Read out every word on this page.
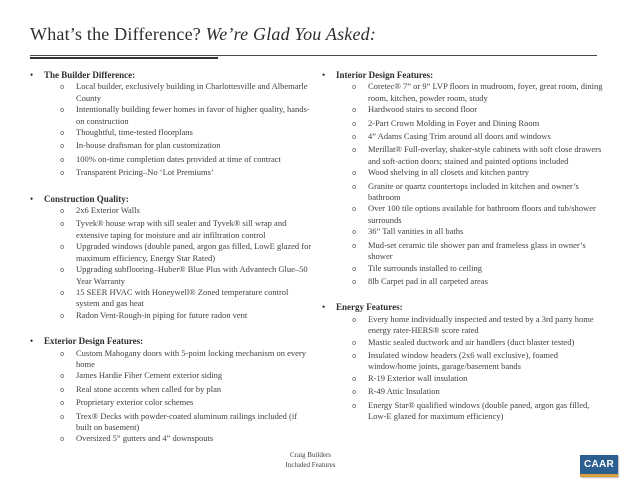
What’s the Difference? We’re Glad You Asked:
•	The Builder Difference:
o	Local builder, exclusively building in Charlottesville and Albemarle County
o	Intentionally building fewer homes in favor of higher quality, hands-on construction
o	Thoughtful, time-tested floorplans
o	In-house draftsman for plan customization
o	100% on-time completion dates provided at time of contract
o	Transparent Pricing–No ‘Lot Premiums’
•	Construction Quality:
o	2x6 Exterior Walls
o	Tyvek® house wrap with sill sealer and Tyvek® sill wrap and extensive taping for moisture and air infiltration control
o	Upgraded windows (double paned, argon gas filled, LowE glazed for maximum efficiency, Energy Star Rated)
o	Upgrading subflooring–Huber® Blue Plus with Advantech Glue–50 Year Warranty
o	15 SEER HVAC with Honeywell® Zoned temperature control system and gas heat
o	Radon Vent-Rough-in piping for future radon vent
•	Exterior Design Features:
o	Custom Mahogany doors with 5-point locking mechanism on every home
o	James Hardie Fiber Cement exterior siding
o	Real stone accents when called for by plan
o	Proprietary exterior color schemes
o	Trex® Decks with powder-coated aluminum railings included (if built on basement)
o	Oversized 5” gutters and 4” downspouts
•	Interior Design Features:
o	Coretec® 7” or 9” LVP floors in mudroom, foyer, great room, dining room, kitchen, powder room, study
o	Hardwood stairs to second floor
o	2-Part Crown Molding in Foyer and Dining Room
o	4” Adams Casing Trim around all doors and windows
o	Merillat® Full-overlay, shaker-style cabinets with soft close drawers and soft-action doors; stained and painted options included
o	Wood shelving in all closets and kitchen pantry
o	Granite or quartz countertops included in kitchen and owner’s bathroom
o	Over 100 tile options available for bathroom floors and tub/shower surrounds
o	36” Tall vanities in all baths
o	Mud-set ceramic tile shower pan and frameless glass in owner’s shower
o	Tile surrounds installed to ceiling
o	8lb Carpet pad in all carpeted areas
•	Energy Features:
o	Every home individually inspected and tested by a 3rd party home energy rater-HERS® score rated
o	Mastic sealed ductwork and air handlers (duct blaster tested)
o	Insulated window headers (2x6 wall exclusive), foamed window/home joints, garage/basement bands
o	R-19 Exterior wall insulation
o	R-49 Attic Insulation
o	Energy Star® qualified windows (double paned, argon gas filled, Low-E glazed for maximum efficiency)
Craig Builders
Included Features	CAAR
